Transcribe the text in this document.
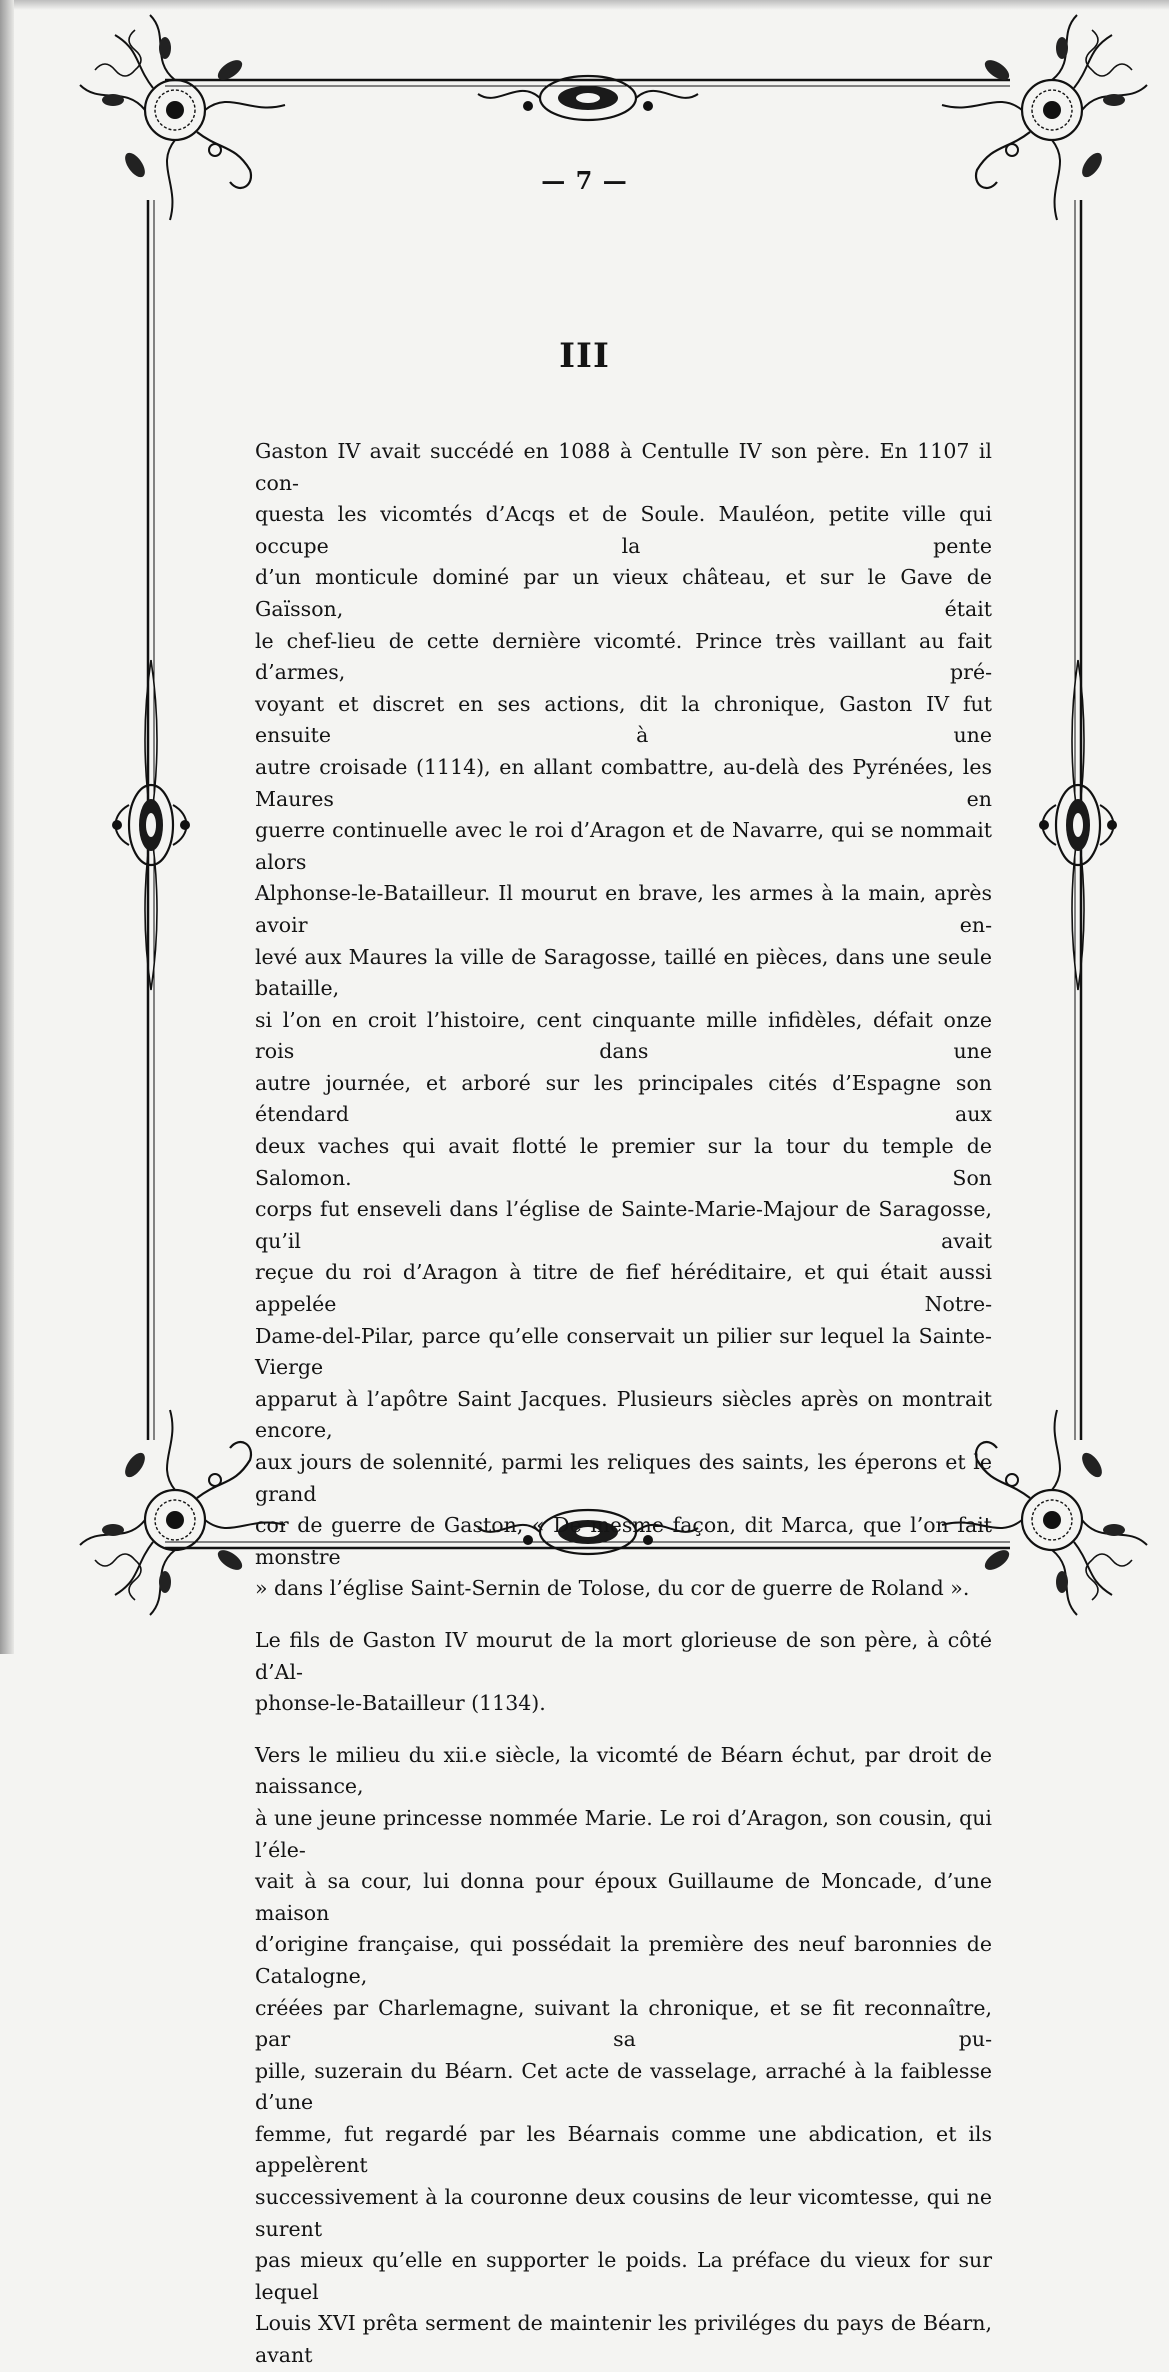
— 7 —
III

Gaston IV avait succédé en 1088 à Centulle IV son père. En 1107 il con-
questa les vicomtés d’Acqs et de Soule. Mauléon, petite ville qui occupe la pente
d’un monticule dominé par un vieux château, et sur le Gave de Gaïsson, était
le chef-lieu de cette dernière vicomté. Prince très vaillant au fait d’armes, pré-
voyant et discret en ses actions, dit la chronique, Gaston IV fut ensuite à une
autre croisade (1114), en allant combattre, au-delà des Pyrénées, les Maures en
guerre continuelle avec le roi d’Aragon et de Navarre, qui se nommait alors
Alphonse-le-Batailleur. Il mourut en brave, les armes à la main, après avoir en-
levé aux Maures la ville de Saragosse, taillé en pièces, dans une seule bataille,
si l’on en croit l’histoire, cent cinquante mille infidèles, défait onze rois dans une
autre journée, et arboré sur les principales cités d’Espagne son étendard aux
deux vaches qui avait flotté le premier sur la tour du temple de Salomon. Son
corps fut enseveli dans l’église de Sainte-Marie-Majour de Saragosse, qu’il avait
reçue du roi d’Aragon à titre de fief héréditaire, et qui était aussi appelée Notre-
Dame-del-Pilar, parce qu’elle conservait un pilier sur lequel la Sainte-Vierge
apparut à l’apôtre Saint Jacques. Plusieurs siècles après on montrait encore,
aux jours de solennité, parmi les reliques des saints, les éperons et le grand
cor de guerre de Gaston, « De mesme façon, dit Marca, que l’on fait monstre
» dans l’église Saint-Sernin de Tolose, du cor de guerre de Roland ».

Le fils de Gaston IV mourut de la mort glorieuse de son père, à côté d’Al-
phonse-le-Batailleur (1134).

Vers le milieu du xii.e siècle, la vicomté de Béarn échut, par droit de naissance,
à une jeune princesse nommée Marie. Le roi d’Aragon, son cousin, qui l’éle-
vait à sa cour, lui donna pour époux Guillaume de Moncade, d’une maison
d’origine française, qui possédait la première des neuf baronnies de Catalogne,
créées par Charlemagne, suivant la chronique, et se fit reconnaître, par sa pu-
pille, suzerain du Béarn. Cet acte de vasselage, arraché à la faiblesse d’une
femme, fut regardé par les Béarnais comme une abdication, et ils appelèrent
successivement à la couronne deux cousins de leur vicomtesse, qui ne surent
pas mieux qu’elle en supporter le poids. La préface du vieux for sur lequel
Louis XVI prêta serment de maintenir les priviléges du pays de Béarn, avant
